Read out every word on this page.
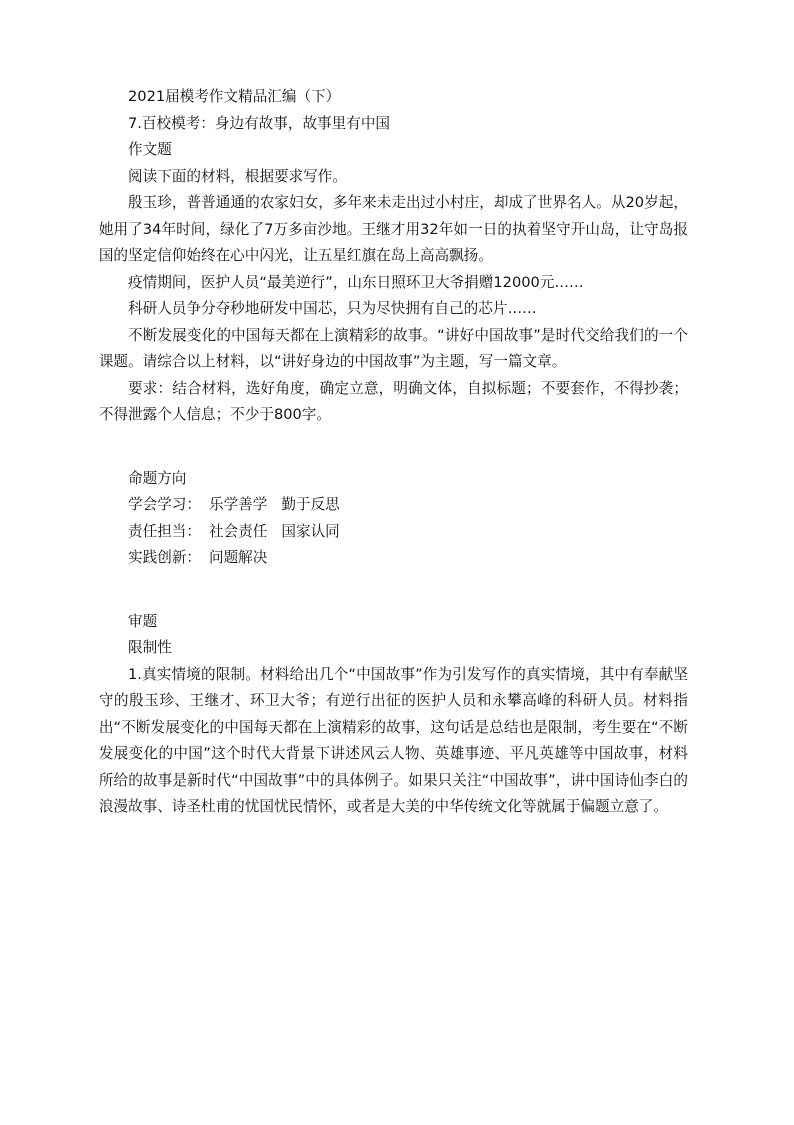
2021届模考作文精品汇编（下）

7.百校模考：身边有故事，故事里有中国

作文题

阅读下面的材料，根据要求写作。

殷玉珍，普普通通的农家妇女，多年来未走出过小村庄，却成了世界名人。从20岁起，她用了34年时间，绿化了7万多亩沙地。王继才用32年如一日的执着坚守开山岛，让守岛报国的坚定信仰始终在心中闪光，让五星红旗在岛上高高飘扬。

疫情期间，医护人员“最美逆行”，山东日照环卫大爷捐赠12000元……

科研人员争分夺秒地研发中国芯，只为尽快拥有自己的芯片……

不断发展变化的中国每天都在上演精彩的故事。“讲好中国故事”是时代交给我们的一个课题。请综合以上材料，以“讲好身边的中国故事”为主题，写一篇文章。

要求：结合材料，选好角度，确定立意，明确文体，自拟标题；不要套作，不得抄袭；不得泄露个人信息；不少于800字。

命题方向

学会学习： 乐学善学 勤于反思
责任担当： 社会责任 国家认同
实践创新： 问题解决

审题

限制性

1.真实情境的限制。材料给出几个“中国故事”作为引发写作的真实情境，其中有奉献坚守的殷玉珍、王继才、环卫大爷；有逆行出征的医护人员和永攀高峰的科研人员。材料指出“不断发展变化的中国每天都在上演精彩的故事，这句话是总结也是限制，考生要在“不断发展变化的中国”这个时代大背景下讲述风云人物、英雄事迹、平凡英雄等中国故事，材料所给的故事是新时代“中国故事”中的具体例子。如果只关注“中国故事”，讲中国诗仙李白的浪漫故事、诗圣杜甫的忧国忧民情怀，或者是大美的中华传统文化等就属于偏题立意了。
